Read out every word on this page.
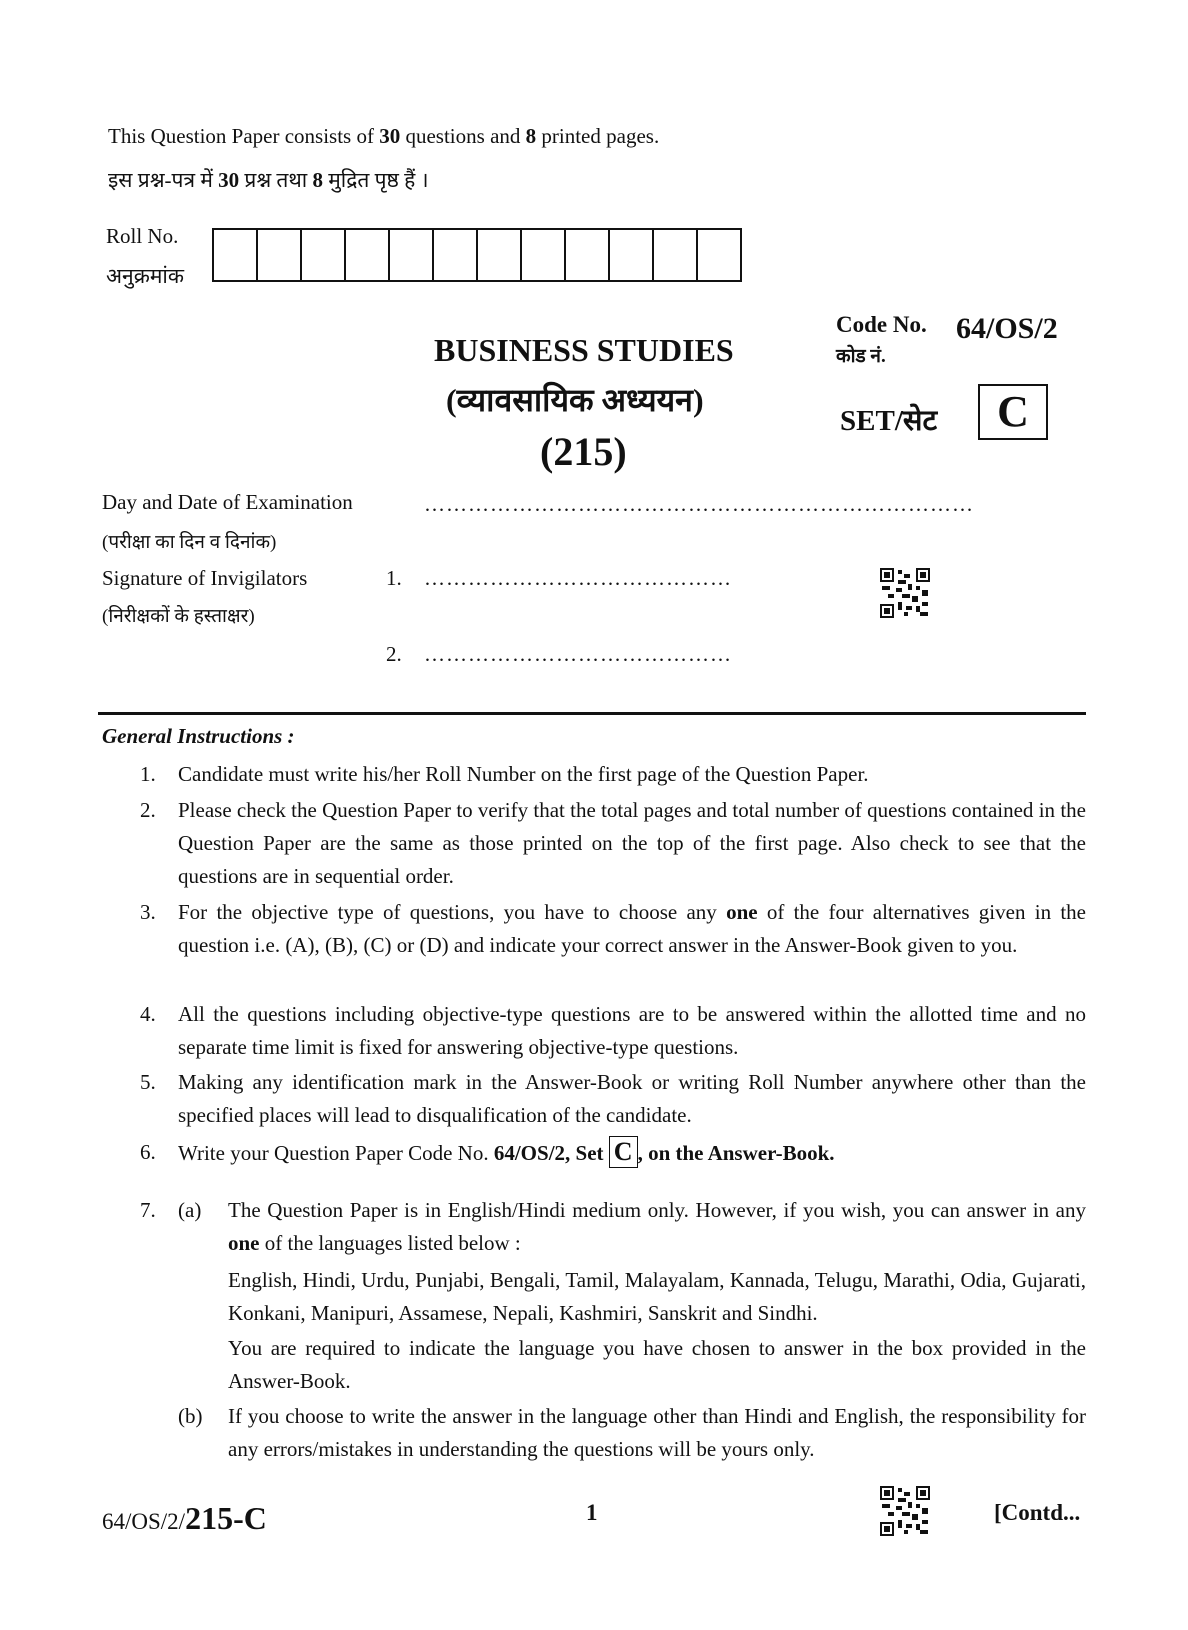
This Question Paper consists of 30 questions and 8 printed pages.
इस प्रश्न-पत्र में 30 प्रश्न तथा 8 मुद्रित पृष्ठ हैं ।
Roll No.
अनुक्रमांक
BUSINESS STUDIES
(व्यावसायिक अध्ययन)
(215)
Code No.
कोड नं.
64/OS/2
SET/सेट	C
Day and Date of Examination
(परीक्षा का दिन व दिनांक)
…………………………………………………………………
Signature of Invigilators
(निरीक्षकों के हस्ताक्षर)
1. ……………………………………
2. ……………………………………
General Instructions :
1. Candidate must write his/her Roll Number on the first page of the Question Paper.
2. Please check the Question Paper to verify that the total pages and total number of questions contained in the Question Paper are the same as those printed on the top of the first page. Also check to see that the questions are in sequential order.
3. For the objective type of questions, you have to choose any one of the four alternatives given in the question i.e. (A), (B), (C) or (D) and indicate your correct answer in the Answer-Book given to you.
4. All the questions including objective-type questions are to be answered within the allotted time and no separate time limit is fixed for answering objective-type questions.
5. Making any identification mark in the Answer-Book or writing Roll Number anywhere other than the specified places will lead to disqualification of the candidate.
6. Write your Question Paper Code No. 64/OS/2, Set C , on the Answer-Book.
7. (a) The Question Paper is in English/Hindi medium only. However, if you wish, you can answer in any one of the languages listed below :
English, Hindi, Urdu, Punjabi, Bengali, Tamil, Malayalam, Kannada, Telugu, Marathi, Odia, Gujarati, Konkani, Manipuri, Assamese, Nepali, Kashmiri, Sanskrit and Sindhi.
You are required to indicate the language you have chosen to answer in the box provided in the Answer-Book.
(b) If you choose to write the answer in the language other than Hindi and English, the responsibility for any errors/mistakes in understanding the questions will be yours only.
64/OS/2/215-C	1	[Contd...
